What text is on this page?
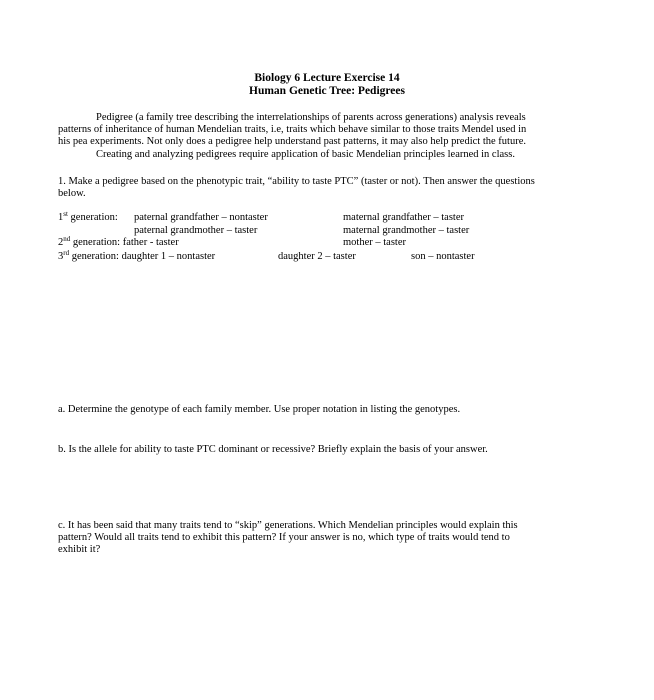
Biology 6 Lecture Exercise 14
Human Genetic Tree: Pedigrees
Pedigree (a family tree describing the interrelationships of parents across generations) analysis reveals
patterns of inheritance of human Mendelian traits, i.e, traits which behave similar to those traits Mendel used in
his pea experiments. Not only does a pedigree help understand past patterns, it may also help predict the future.
Creating and analyzing pedigrees require application of basic Mendelian principles learned in class.
1. Make a pedigree based on the phenotypic trait, “ability to taste PTC” (taster or not). Then answer the questions
below.
1st generation: paternal grandfather – nontaster	maternal grandfather – taster
paternal grandmother – taster	maternal grandmother – taster
2nd generation: father - taster	mother – taster
3rd generation: daughter 1 – nontaster	daughter 2 – taster	son – nontaster
a. Determine the genotype of each family member. Use proper notation in listing the genotypes.
b. Is the allele for ability to taste PTC dominant or recessive? Briefly explain the basis of your answer.
c. It has been said that many traits tend to “skip” generations. Which Mendelian principles would explain this
pattern? Would all traits tend to exhibit this pattern? If your answer is no, which type of traits would tend to
exhibit it?
